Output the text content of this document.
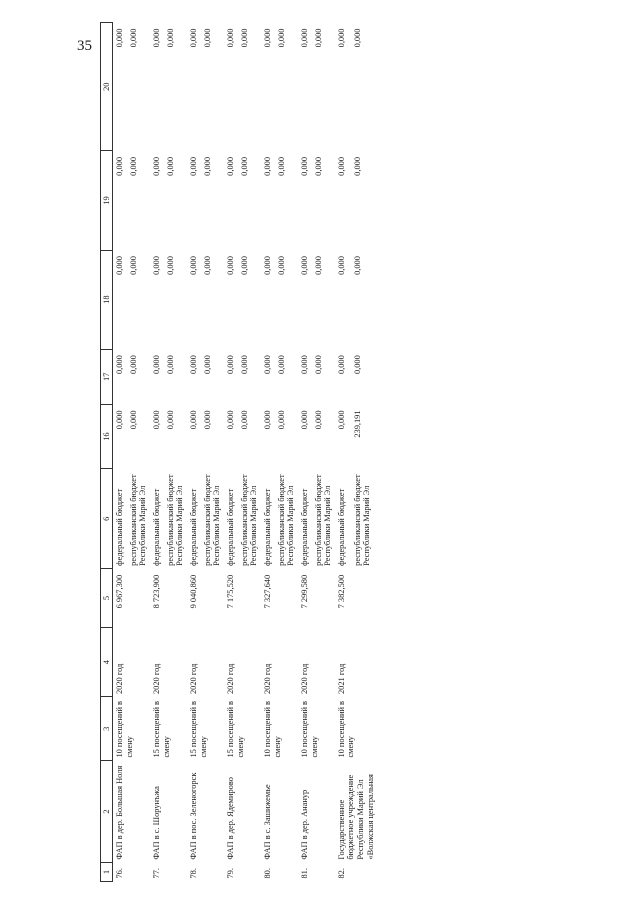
35
1	2	3	4	5	6	16	17	18	19	20
76.	ФАП в дер. Большая Ноля	10 посещений в смену	2020 год	6 967,300	федеральный бюджет	0,000	0,000	0,000	0,000	0,000
					республиканский бюджет Республики Марий Эл	0,000	0,000	0,000	0,000	0,000
77.	ФАП в с. Шорунъжа	15 посещений в смену	2020 год	8 723,900	федеральный бюджет	0,000	0,000	0,000	0,000	0,000
					республиканский бюджет Республики Марий Эл	0,000	0,000	0,000	0,000	0,000
78.	ФАП в пос. Зеленогорск	15 посещений в смену	2020 год	9 040,860	федеральный бюджет	0,000	0,000	0,000	0,000	0,000
					республиканский бюджет Республики Марий Эл	0,000	0,000	0,000	0,000	0,000
79.	ФАП в дер. Ядемирово	15 посещений в смену	2020 год	7 175,520	федеральный бюджет	0,000	0,000	0,000	0,000	0,000
					республиканский бюджет Республики Марий Эл	0,000	0,000	0,000	0,000	0,000
80.	ФАП в с. Зашижемье	10 посещений в смену	2020 год	7 327,640	федеральный бюджет	0,000	0,000	0,000	0,000	0,000
					республиканский бюджет Республики Марий Эл	0,000	0,000	0,000	0,000	0,000
81.	ФАП в дер. Ананур	10 посещений в смену	2020 год	7 299,580	федеральный бюджет	0,000	0,000	0,000	0,000	0,000
					республиканский бюджет Республики Марий Эл	0,000	0,000	0,000	0,000	0,000
82.	Государственное бюджетное учреждение Республики Марий Эл «Волжская центральная	10 посещений в смену	2021 год	7 382,500	федеральный бюджет	0,000	0,000	0,000	0,000	0,000
					республиканский бюджет Республики Марий Эл	239,191	0,000	0,000	0,000	0,000
